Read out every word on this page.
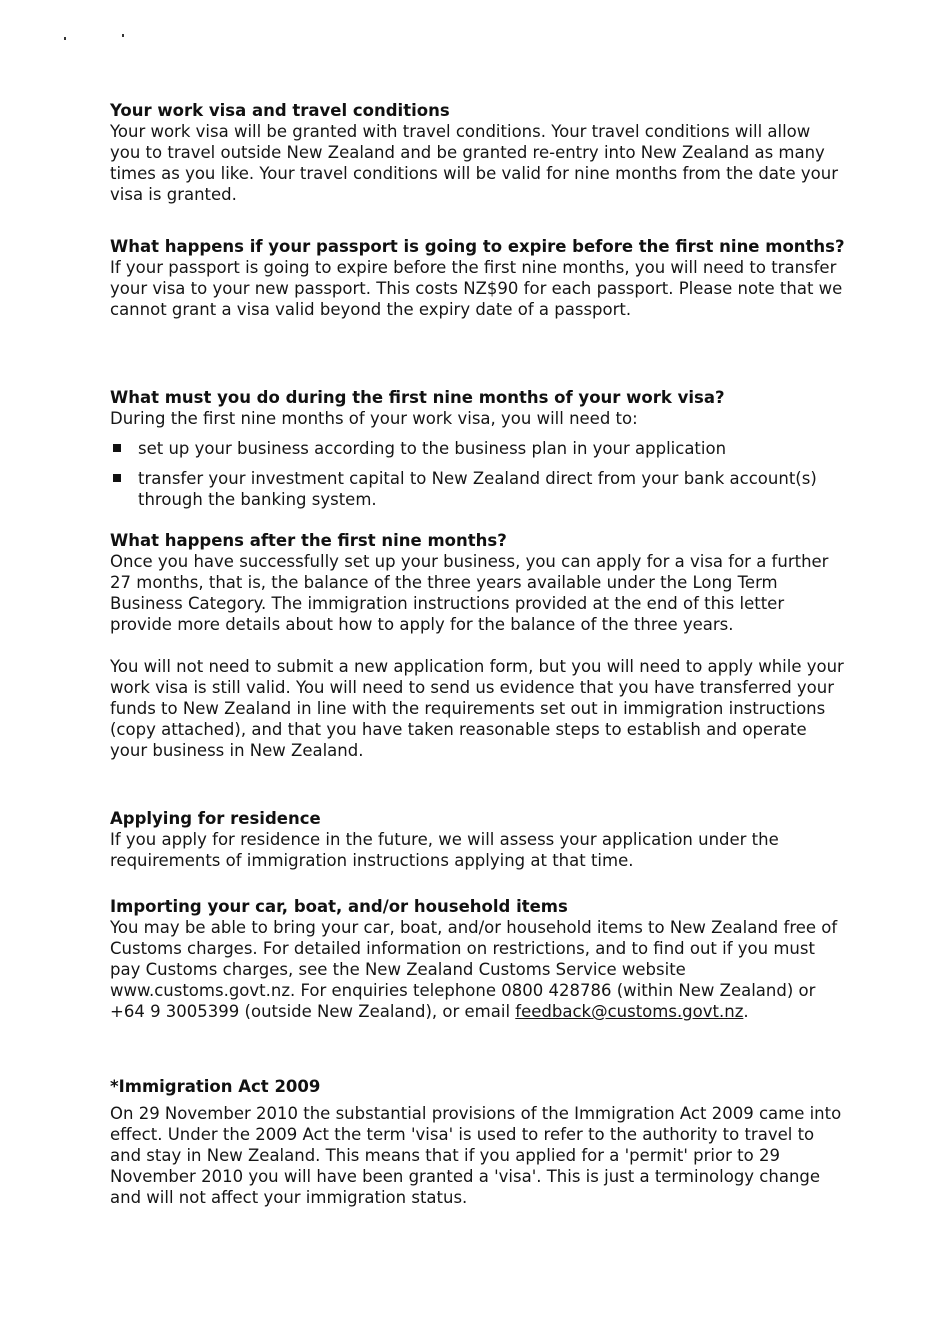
Your work visa and travel conditions

Your work visa will be granted with travel conditions. Your travel conditions will allow you to travel outside New Zealand and be granted re-entry into New Zealand as many times as you like. Your travel conditions will be valid for nine months from the date your visa is granted.

What happens if your passport is going to expire before the first nine months?

If your passport is going to expire before the first nine months, you will need to transfer your visa to your new passport. This costs NZ$90 for each passport. Please note that we cannot grant a visa valid beyond the expiry date of a passport.

What must you do during the first nine months of your work visa?

During the first nine months of your work visa, you will need to:

set up your business according to the business plan in your application
transfer your investment capital to New Zealand direct from your bank account(s) through the banking system.
What happens after the first nine months?

Once you have successfully set up your business, you can apply for a visa for a further 27 months, that is, the balance of the three years available under the Long Term Business Category. The immigration instructions provided at the end of this letter provide more details about how to apply for the balance of the three years.

You will not need to submit a new application form, but you will need to apply while your work visa is still valid. You will need to send us evidence that you have transferred your funds to New Zealand in line with the requirements set out in immigration instructions (copy attached), and that you have taken reasonable steps to establish and operate your business in New Zealand.

Applying for residence

If you apply for residence in the future, we will assess your application under the requirements of immigration instructions applying at that time.

Importing your car, boat, and/or household items

You may be able to bring your car, boat, and/or household items to New Zealand free of Customs charges. For detailed information on restrictions, and to find out if you must pay Customs charges, see the New Zealand Customs Service website www.customs.govt.nz. For enquiries telephone 0800 428786 (within New Zealand) or +64 9 3005399 (outside New Zealand), or email feedback@customs.govt.nz.

*Immigration Act 2009

On 29 November 2010 the substantial provisions of the Immigration Act 2009 came into effect. Under the 2009 Act the term 'visa' is used to refer to the authority to travel to and stay in New Zealand. This means that if you applied for a 'permit' prior to 29 November 2010 you will have been granted a 'visa'. This is just a terminology change and will not affect your immigration status.
